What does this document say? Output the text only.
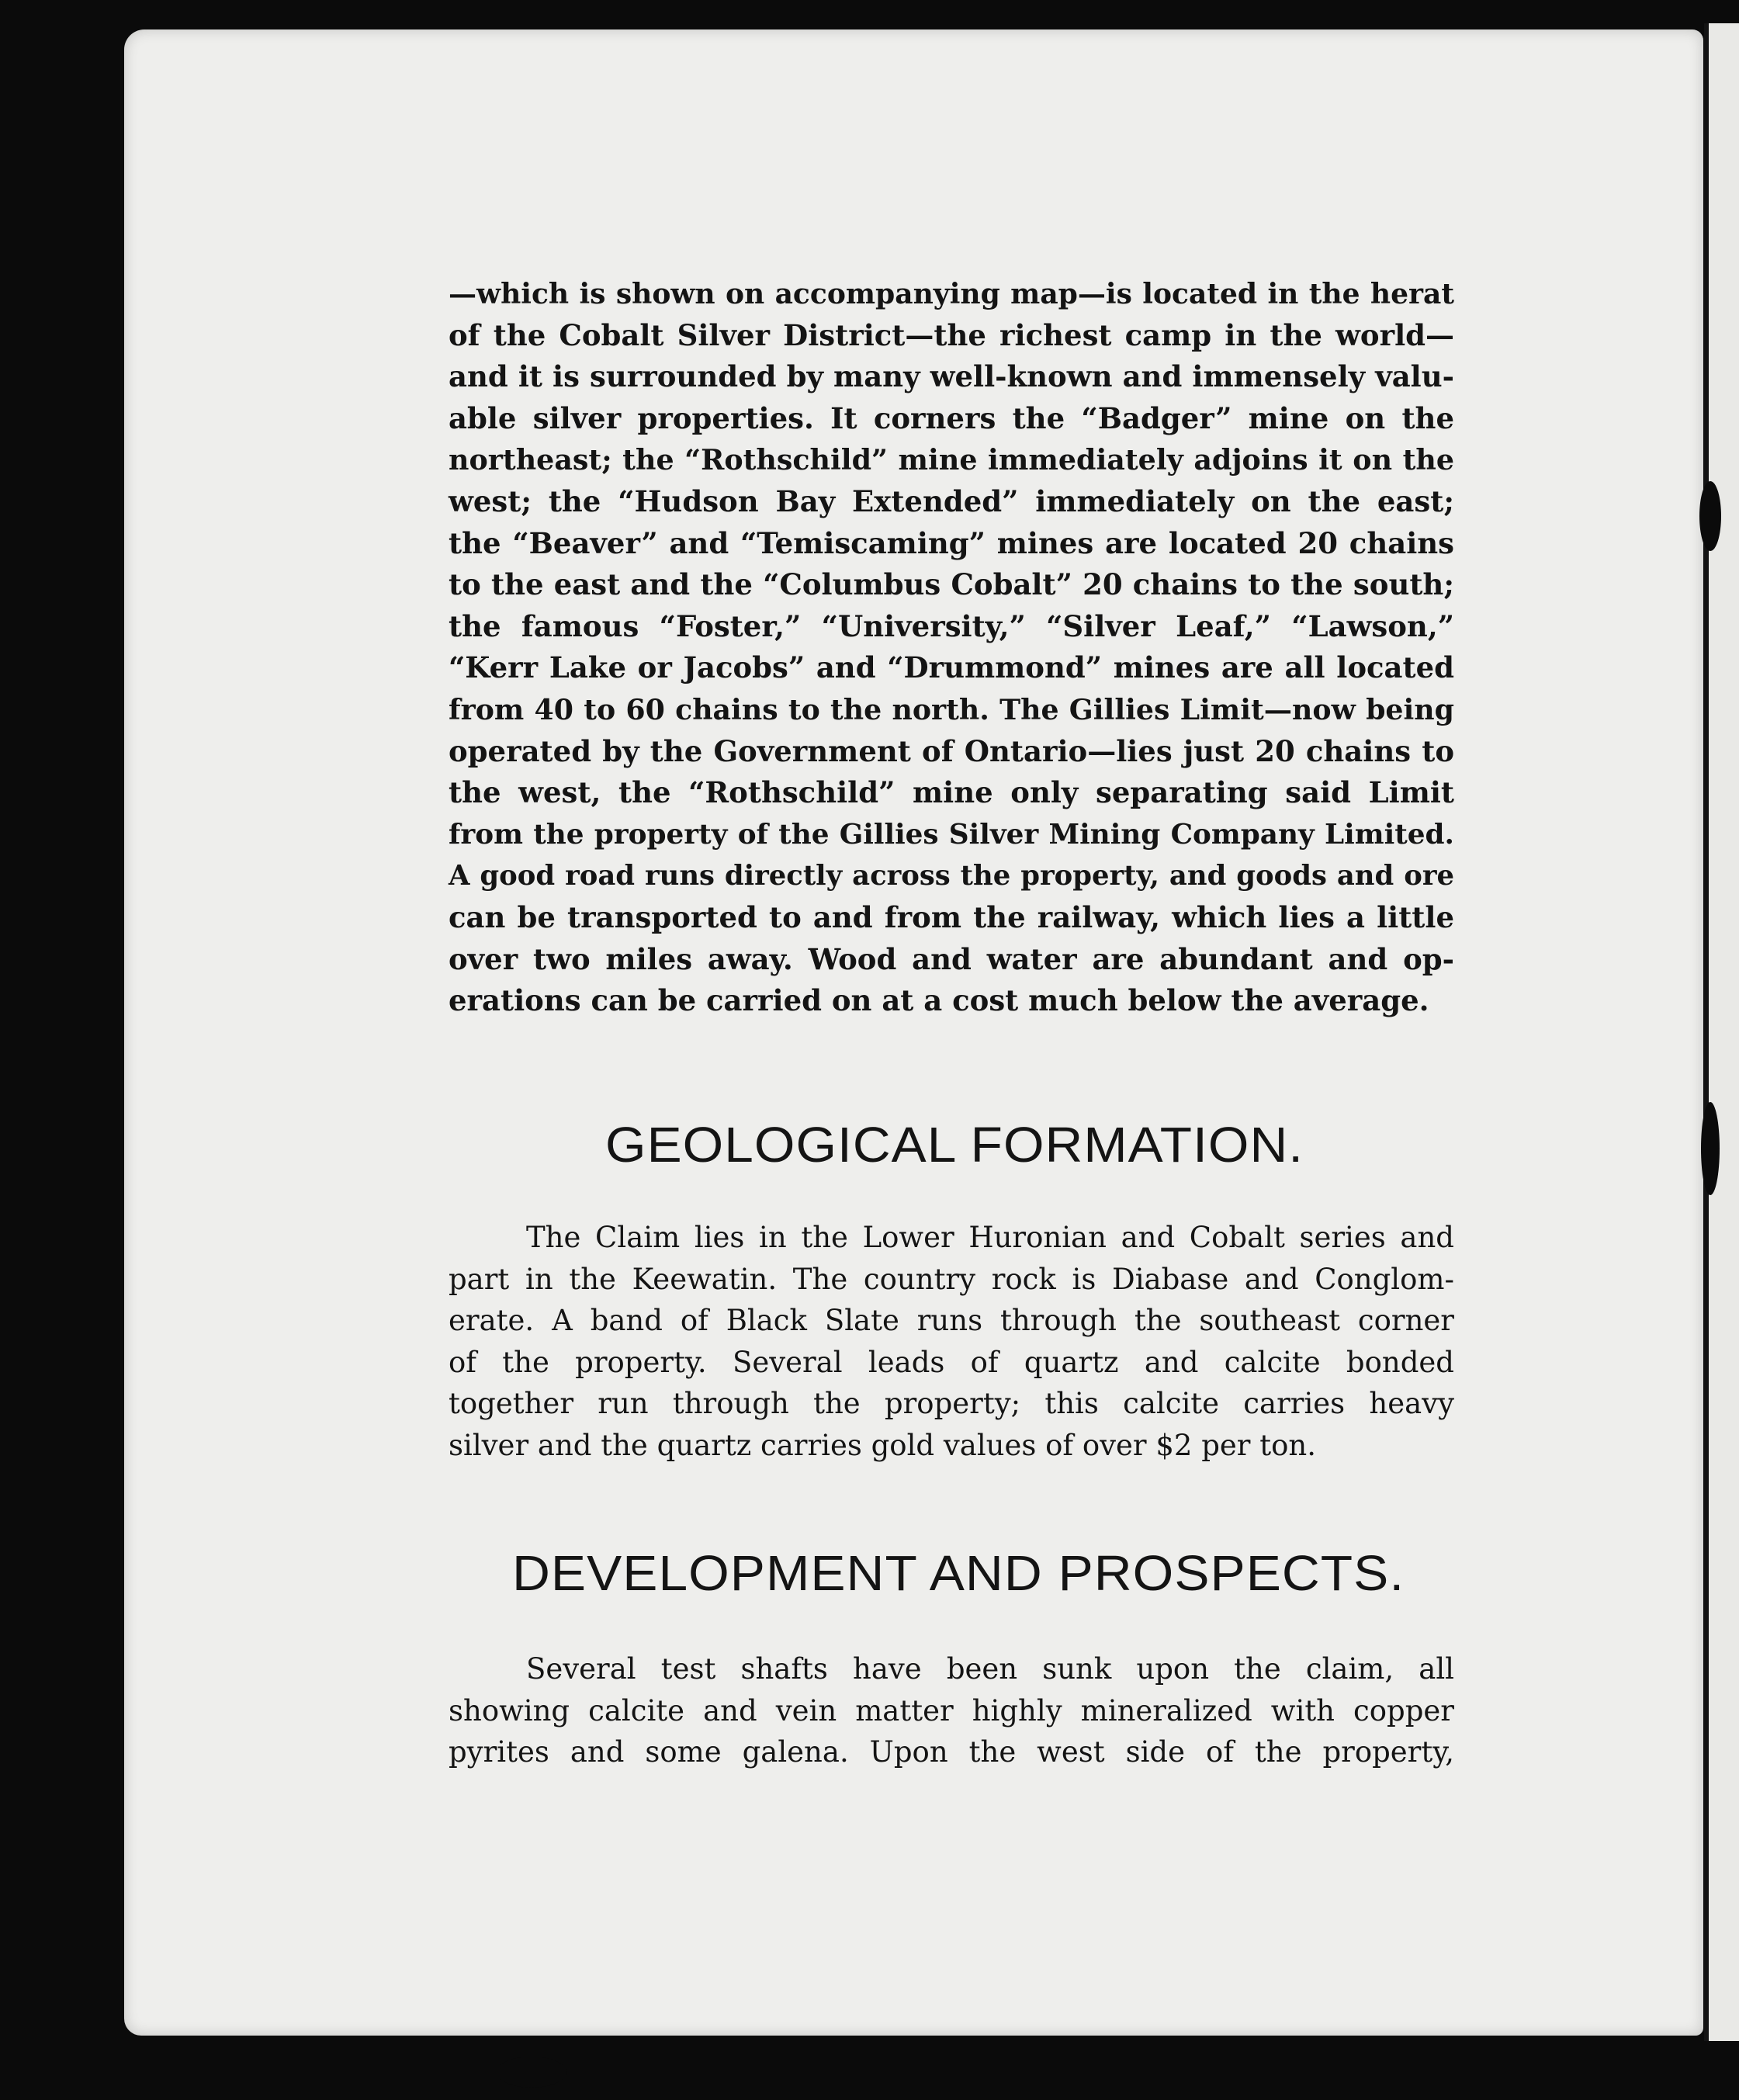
—which is shown on accompanying map—is located in the herat
of the Cobalt Silver District—the richest camp in the world—
and it is surrounded by many well-known and immensely valu-
able silver properties. It corners the “Badger” mine on the
northeast; the “Rothschild” mine immediately adjoins it on the
west; the “Hudson Bay Extended” immediately on the east;
the “Beaver” and “Temiscaming” mines are located 20 chains
to the east and the “Columbus Cobalt” 20 chains to the south;
the famous “Foster,” “University,” “Silver Leaf,” “Lawson,”
“Kerr Lake or Jacobs” and “Drummond” mines are all located
from 40 to 60 chains to the north. The Gillies Limit—now being
operated by the Government of Ontario—lies just 20 chains to
the west, the “Rothschild” mine only separating said Limit
from the property of the Gillies Silver Mining Company Limited.
A good road runs directly across the property, and goods and ore
can be transported to and from the railway, which lies a little
over two miles away. Wood and water are abundant and op-
erations can be carried on at a cost much below the average.

GEOLOGICAL FORMATION.

The Claim lies in the Lower Huronian and Cobalt series and
part in the Keewatin. The country rock is Diabase and Conglom-
erate. A band of Black Slate runs through the southeast corner
of the property. Several leads of quartz and calcite bonded
together run through the property; this calcite carries heavy
silver and the quartz carries gold values of over $2 per ton.

DEVELOPMENT AND PROSPECTS.

Several test shafts have been sunk upon the claim, all
showing calcite and vein matter highly mineralized with copper
pyrites and some galena. Upon the west side of the property,
